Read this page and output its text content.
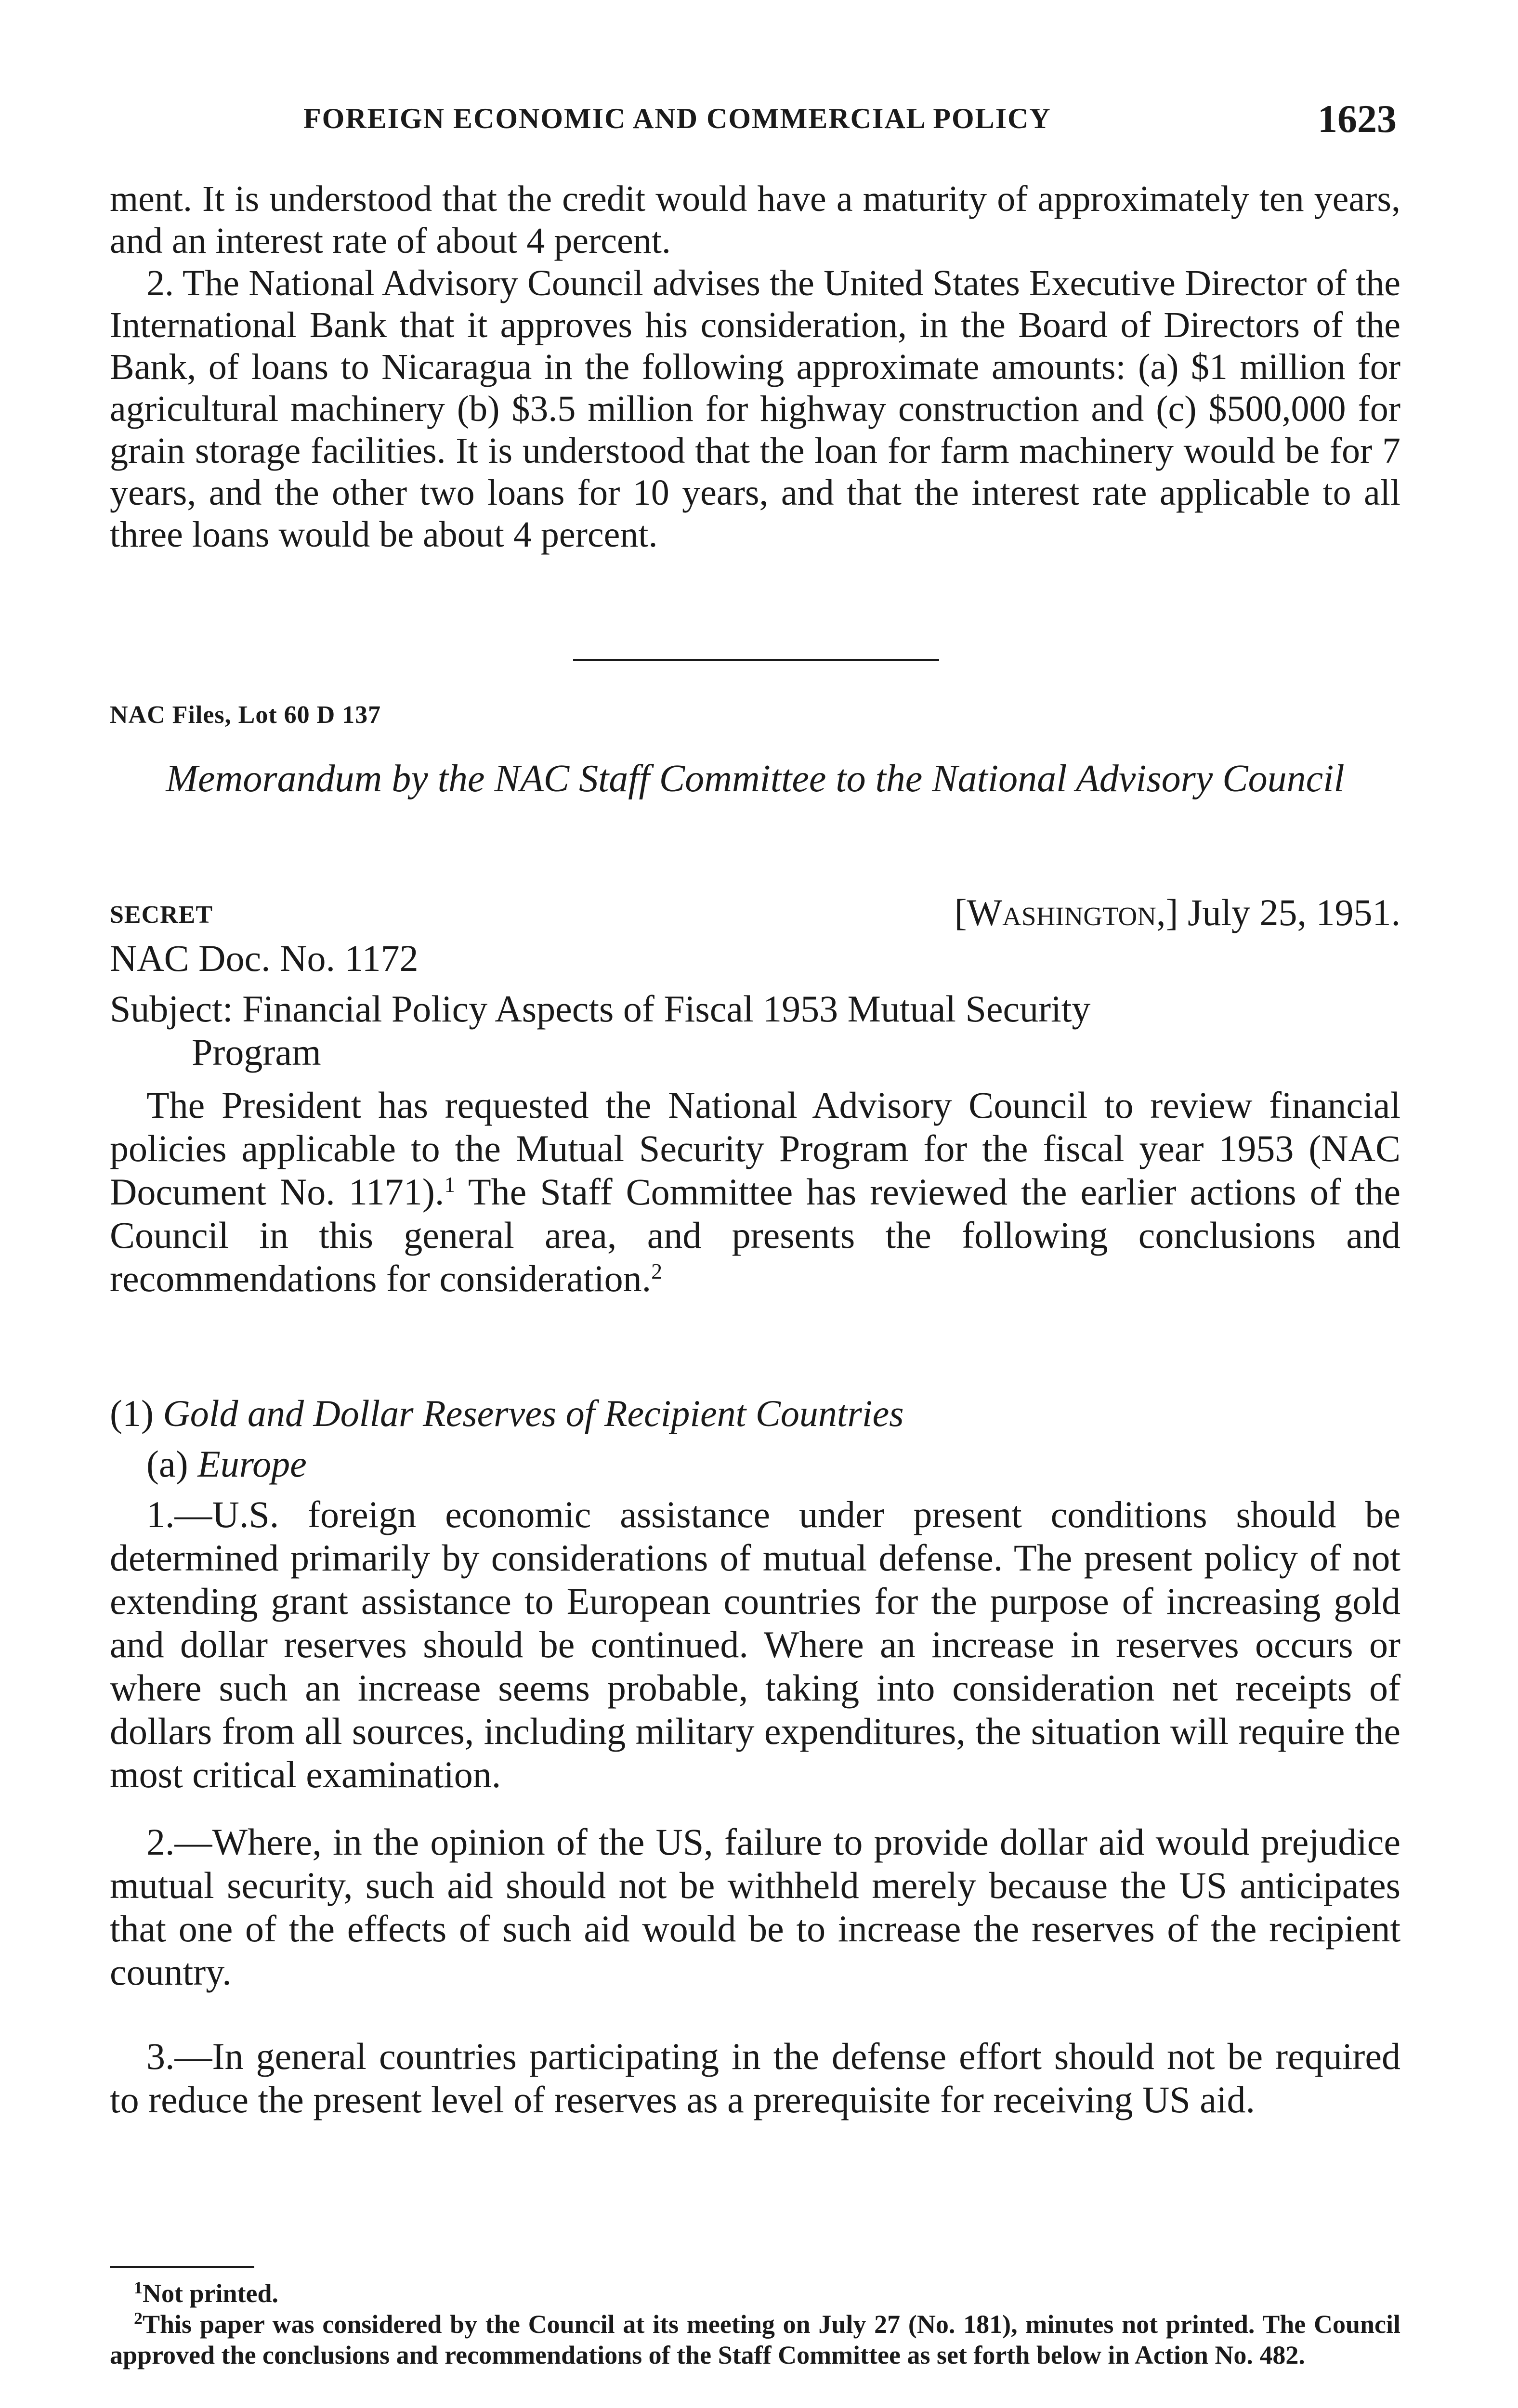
FOREIGN ECONOMIC AND COMMERCIAL POLICY	1623

ment. It is understood that the credit would have a maturity of approximately ten years, and an interest rate of about 4 percent.

2. The National Advisory Council advises the United States Executive Director of the International Bank that it approves his consideration, in the Board of Directors of the Bank, of loans to Nicaragua in the following approximate amounts: (a) $1 million for agricultural machinery (b) $3.5 million for highway construction and (c) $500,000 for grain storage facilities. It is understood that the loan for farm machinery would be for 7 years, and the other two loans for 10 years, and that the interest rate applicable to all three loans would be about 4 percent.

NAC Files, Lot 60 D 137
Memorandum by the NAC Staff Committee to the National Advisory Council
SECRET	[Washington,] July 25, 1951.
NAC Doc. No. 1172
Subject: Financial Policy Aspects of Fiscal 1953 Mutual Security
Program

The President has requested the National Advisory Council to review financial policies applicable to the Mutual Security Program for the fiscal year 1953 (NAC Document No. 1171).$^1$ The Staff Committee has reviewed the earlier actions of the Council in this general area, and presents the following conclusions and recommendations for consideration.$^2$

(1) Gold and Dollar Reserves of Recipient Countries
(a) Europe

1.—U.S. foreign economic assistance under present conditions should be determined primarily by considerations of mutual defense. The present policy of not extending grant assistance to European countries for the purpose of increasing gold and dollar reserves should be continued. Where an increase in reserves occurs or where such an increase seems probable, taking into consideration net receipts of dollars from all sources, including military expenditures, the situation will require the most critical examination.

2.—Where, in the opinion of the US, failure to provide dollar aid would prejudice mutual security, such aid should not be withheld merely because the US anticipates that one of the effects of such aid would be to increase the reserves of the recipient country.

3.—In general countries participating in the defense effort should not be required to reduce the present level of reserves as a prerequisite for receiving US aid.

$^1$Not printed.
$^2$This paper was considered by the Council at its meeting on July 27 (No. 181), minutes not printed. The Council approved the conclusions and recommendations of the Staff Committee as set forth below in Action No. 482.
